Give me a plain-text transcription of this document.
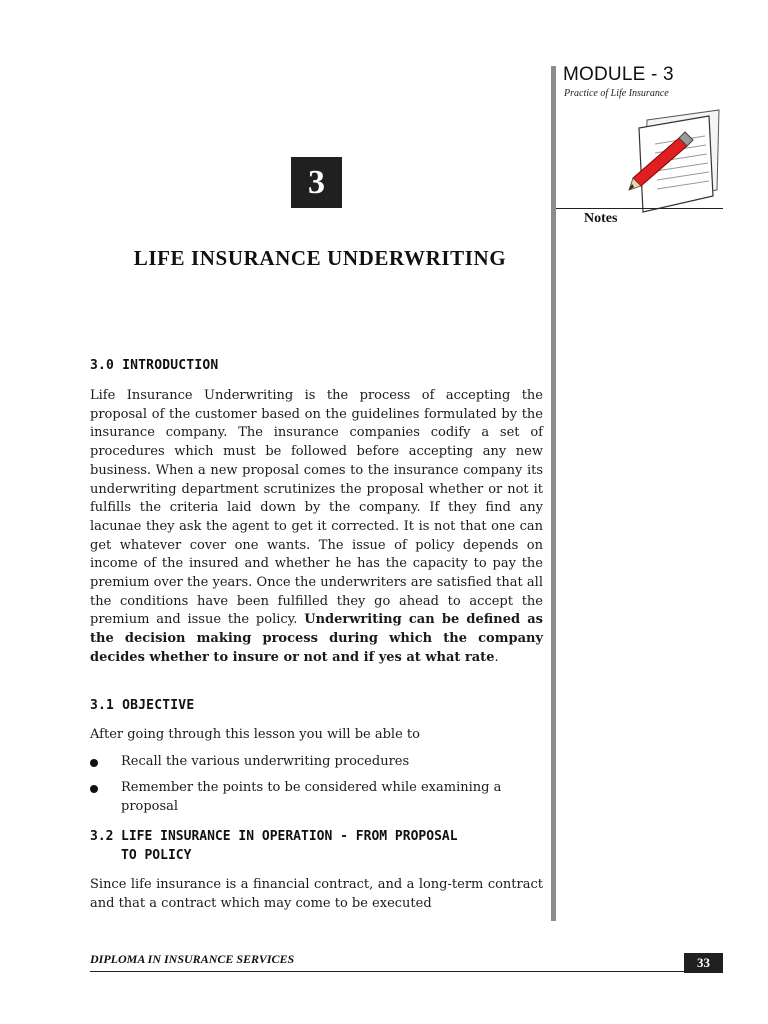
MODULE - 3
Practice of Life Insurance
Notes
3
LIFE INSURANCE UNDERWRITING
3.0 INTRODUCTION
Life Insurance Underwriting is the process of accepting the proposal of the customer based on the guidelines formulated by the insurance company. The insurance companies codify a set of procedures which must be followed before accepting any new business. When a new proposal comes to the insurance company its underwriting department scrutinizes the proposal whether or not it fulfills the criteria laid down by the company. If they find any lacunae they ask the agent to get it corrected. It is not that one can get whatever cover one wants. The issue of policy depends on income of the insured and whether he has the capacity to pay the premium over the years. Once the underwriters are satisfied that all the conditions have been fulfilled they go ahead to accept the premium and issue the policy. Underwriting can be defined as the decision making process during which the company decides whether to insure or not and if yes at what rate.
3.1 OBJECTIVE
After going through this lesson you will be able to
Recall the various underwriting procedures
Remember the points to be considered while examining a proposal
3.2 LIFE INSURANCE IN OPERATION - FROM PROPOSAL
TO POLICY
Since life insurance is a financial contract, and a long-term contract and that a contract which may come to be executed
DIPLOMA IN INSURANCE SERVICES	33
